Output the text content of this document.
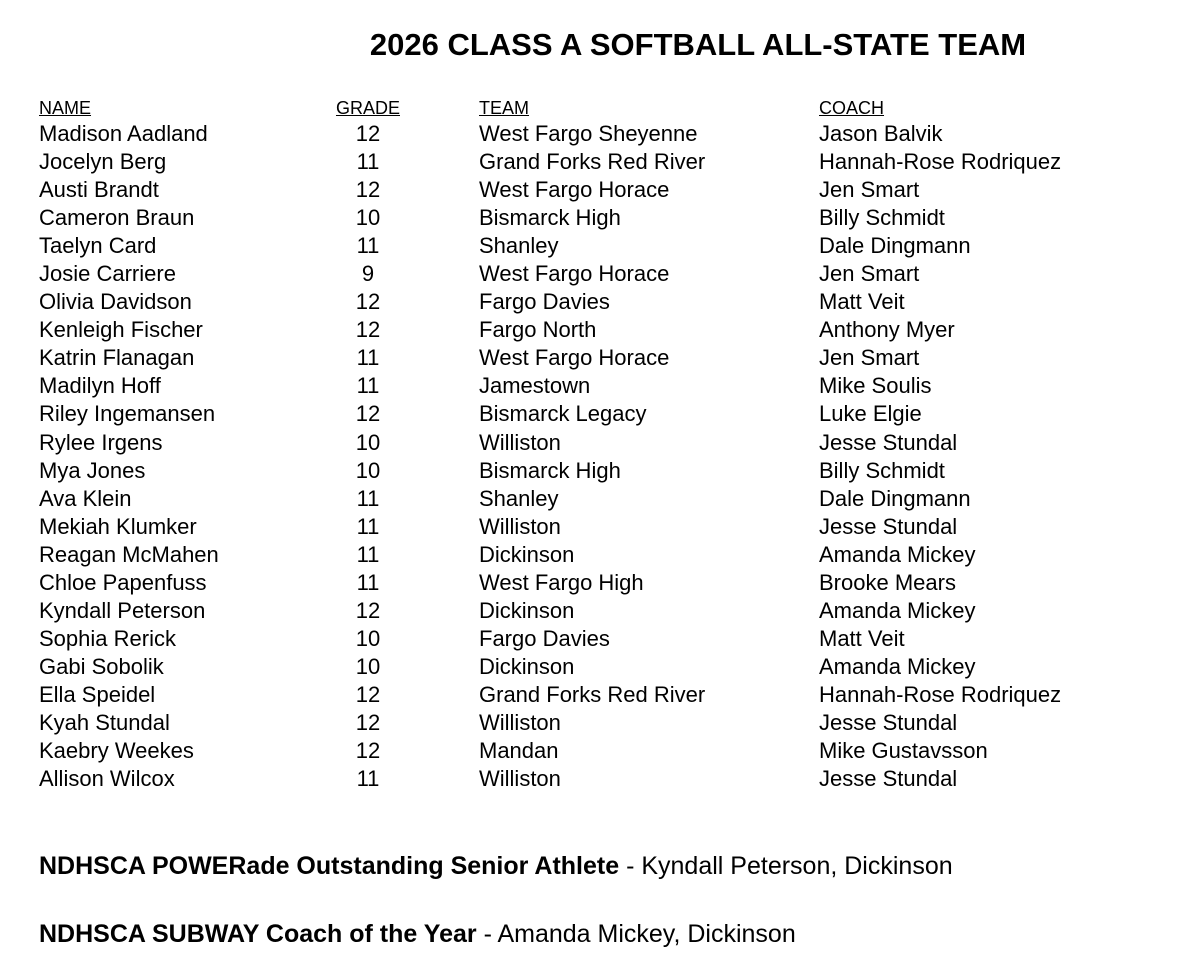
2026 CLASS A SOFTBALL ALL-STATE TEAM
NAME	GRADE	TEAM	COACH
Madison Aadland	12	West Fargo Sheyenne	Jason Balvik
Jocelyn Berg	11	Grand Forks Red River	Hannah-Rose Rodriquez
Austi Brandt	12	West Fargo Horace	Jen Smart
Cameron Braun	10	Bismarck High	Billy Schmidt
Taelyn Card	11	Shanley	Dale Dingmann
Josie Carriere	9	West Fargo Horace	Jen Smart
Olivia Davidson	12	Fargo Davies	Matt Veit
Kenleigh Fischer	12	Fargo North	Anthony Myer
Katrin Flanagan	11	West Fargo Horace	Jen Smart
Madilyn Hoff	11	Jamestown	Mike Soulis
Riley Ingemansen	12	Bismarck Legacy	Luke Elgie
Rylee Irgens	10	Williston	Jesse Stundal
Mya Jones	10	Bismarck High	Billy Schmidt
Ava Klein	11	Shanley	Dale Dingmann
Mekiah Klumker	11	Williston	Jesse Stundal
Reagan McMahen	11	Dickinson	Amanda Mickey
Chloe Papenfuss	11	West Fargo High	Brooke Mears
Kyndall Peterson	12	Dickinson	Amanda Mickey
Sophia Rerick	10	Fargo Davies	Matt Veit
Gabi Sobolik	10	Dickinson	Amanda Mickey
Ella Speidel	12	Grand Forks Red River	Hannah-Rose Rodriquez
Kyah Stundal	12	Williston	Jesse Stundal
Kaebry Weekes	12	Mandan	Mike Gustavsson
Allison Wilcox	11	Williston	Jesse Stundal
NDHSCA POWERade Outstanding Senior Athlete - Kyndall Peterson, Dickinson
NDHSCA SUBWAY Coach of the Year - Amanda Mickey, Dickinson
